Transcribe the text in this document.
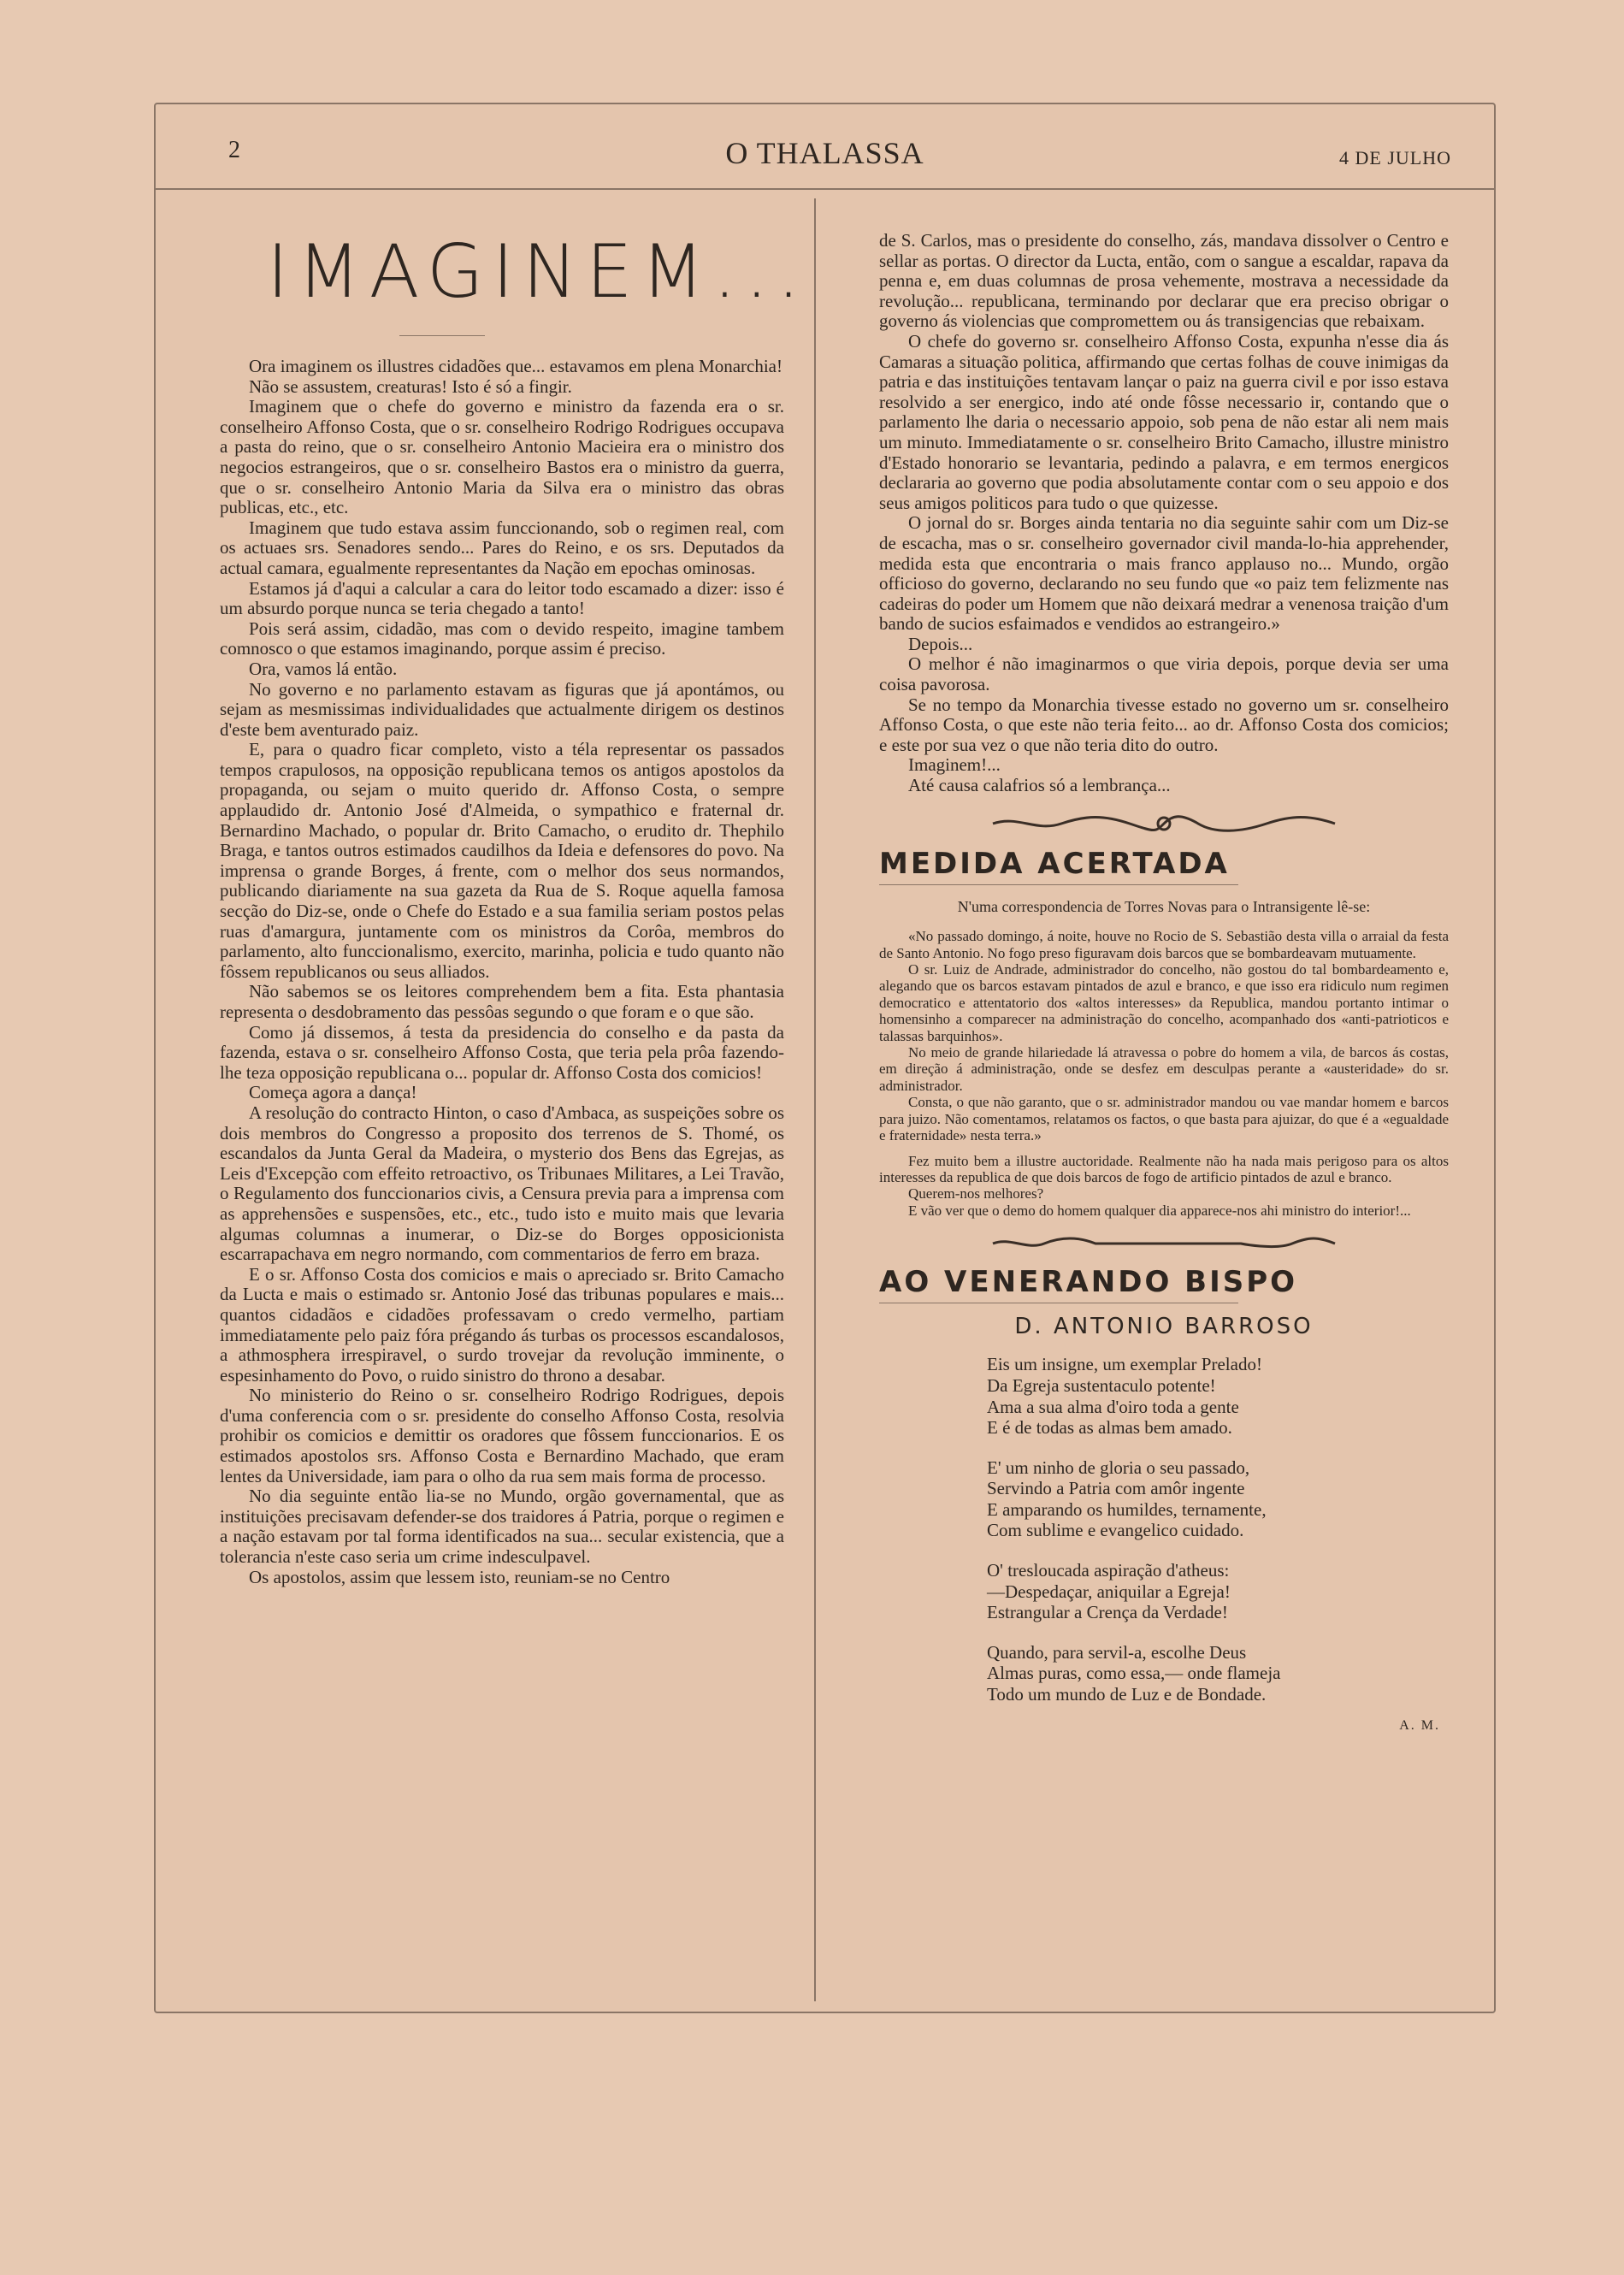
2	O THALASSA	4 DE JULHO
IMAGINEM...

Ora imaginem os illustres cidadões que... estavamos em plena Monarchia!

Não se assustem, creaturas! Isto é só a fingir.

Imaginem que o chefe do governo e ministro da fazenda era o sr. conselheiro Affonso Costa, que o sr. conselheiro Rodrigo Rodrigues occupava a pasta do reino, que o sr. conselheiro Antonio Macieira era o ministro dos negocios estrangeiros, que o sr. conselheiro Bastos era o ministro da guerra, que o sr. conselheiro Antonio Maria da Silva era o ministro das obras publicas, etc., etc.

Imaginem que tudo estava assim funccionando, sob o regimen real, com os actuaes srs. Senadores sendo... Pares do Reino, e os srs. Deputados da actual camara, egualmente representantes da Nação em epochas ominosas.

Estamos já d'aqui a calcular a cara do leitor todo escamado a dizer: isso é um absurdo porque nunca se teria chegado a tanto!

Pois será assim, cidadão, mas com o devido respeito, imagine tambem comnosco o que estamos imaginando, porque assim é preciso.

Ora, vamos lá então.

No governo e no parlamento estavam as figuras que já apontámos, ou sejam as mesmissimas individualidades que actualmente dirigem os destinos d'este bem aventurado paiz.

E, para o quadro ficar completo, visto a téla representar os passados tempos crapulosos, na opposição republicana temos os antigos apostolos da propaganda, ou sejam o muito querido dr. Affonso Costa, o sempre applaudido dr. Antonio José d'Almeida, o sympathico e fraternal dr. Bernardino Machado, o popular dr. Brito Camacho, o erudito dr. Thephilo Braga, e tantos outros estimados caudilhos da Ideia e defensores do povo. Na imprensa o grande Borges, á frente, com o melhor dos seus normandos, publicando diariamente na sua gazeta da Rua de S. Roque aquella famosa secção do Diz-se, onde o Chefe do Estado e a sua familia seriam postos pelas ruas d'amargura, juntamente com os ministros da Corôa, membros do parlamento, alto funccionalismo, exercito, marinha, policia e tudo quanto não fôssem republicanos ou seus alliados.

Não sabemos se os leitores comprehendem bem a fita. Esta phantasia representa o desdobramento das pessôas segundo o que foram e o que são.

Como já dissemos, á testa da presidencia do conselho e da pasta da fazenda, estava o sr. conselheiro Affonso Costa, que teria pela prôa fazendo-lhe teza opposição republicana o... popular dr. Affonso Costa dos comicios!

Começa agora a dança!

A resolução do contracto Hinton, o caso d'Ambaca, as suspeições sobre os dois membros do Congresso a proposito dos terrenos de S. Thomé, os escandalos da Junta Geral da Madeira, o mysterio dos Bens das Egrejas, as Leis d'Excepção com effeito retroactivo, os Tribunaes Militares, a Lei Travão, o Regulamento dos funccionarios civis, a Censura previa para a imprensa com as apprehensões e suspensões, etc., etc., tudo isto e muito mais que levaria algumas columnas a inumerar, o Diz-se do Borges opposicionista escarrapachava em negro normando, com commentarios de ferro em braza.

E o sr. Affonso Costa dos comicios e mais o apreciado sr. Brito Camacho da Lucta e mais o estimado sr. Antonio José das tribunas populares e mais... quantos cidadãos e cidadões professavam o credo vermelho, partiam immediatamente pelo paiz fóra prégando ás turbas os processos escandalosos, a athmosphera irrespiravel, o surdo trovejar da revolução imminente, o espesinhamento do Povo, o ruido sinistro do throno a desabar.

No ministerio do Reino o sr. conselheiro Rodrigo Rodrigues, depois d'uma conferencia com o sr. presidente do conselho Affonso Costa, resolvia prohibir os comicios e demittir os oradores que fôssem funccionarios. E os estimados apostolos srs. Affonso Costa e Bernardino Machado, que eram lentes da Universidade, iam para o olho da rua sem mais forma de processo.

No dia seguinte então lia-se no Mundo, orgão governamental, que as instituições precisavam defender-se dos traidores á Patria, porque o regimen e a nação estavam por tal forma identificados na sua... secular existencia, que a tolerancia n'este caso seria um crime indesculpavel.

Os apostolos, assim que lessem isto, reuniam-se no Centro

de S. Carlos, mas o presidente do conselho, zás, mandava dissolver o Centro e sellar as portas. O director da Lucta, então, com o sangue a escaldar, rapava da penna e, em duas columnas de prosa vehemente, mostrava a necessidade da revolução... republicana, terminando por declarar que era preciso obrigar o governo ás violencias que compromettem ou ás transigencias que rebaixam.

O chefe do governo sr. conselheiro Affonso Costa, expunha n'esse dia ás Camaras a situação politica, affirmando que certas folhas de couve inimigas da patria e das instituições tentavam lançar o paiz na guerra civil e por isso estava resolvido a ser energico, indo até onde fôsse necessario ir, contando que o parlamento lhe daria o necessario appoio, sob pena de não estar ali nem mais um minuto. Immediatamente o sr. conselheiro Brito Camacho, illustre ministro d'Estado honorario se levantaria, pedindo a palavra, e em termos energicos declararia ao governo que podia absolutamente contar com o seu appoio e dos seus amigos politicos para tudo o que quizesse.

O jornal do sr. Borges ainda tentaria no dia seguinte sahir com um Diz-se de escacha, mas o sr. conselheiro governador civil manda-lo-hia apprehender, medida esta que encontraria o mais franco applauso no... Mundo, orgão officioso do governo, declarando no seu fundo que «o paiz tem felizmente nas cadeiras do poder um Homem que não deixará medrar a venenosa traição d'um bando de sucios esfaimados e vendidos ao estrangeiro.»

Depois...

O melhor é não imaginarmos o que viria depois, porque devia ser uma coisa pavorosa.

Se no tempo da Monarchia tivesse estado no governo um sr. conselheiro Affonso Costa, o que este não teria feito... ao dr. Affonso Costa dos comicios; e este por sua vez o que não teria dito do outro.

Imaginem!...

Até causa calafrios só a lembrança...

MEDIDA ACERTADA
N'uma correspondencia de Torres Novas para o Intransigente lê-se:

«No passado domingo, á noite, houve no Rocio de S. Sebastião desta villa o arraial da festa de Santo Antonio. No fogo preso figuravam dois barcos que se bombardeavam mutuamente.

O sr. Luiz de Andrade, administrador do concelho, não gostou do tal bombardeamento e, alegando que os barcos estavam pintados de azul e branco, e que isso era ridiculo num regimen democratico e attentatorio dos «altos interesses» da Republica, mandou portanto intimar o homensinho a comparecer na administração do concelho, acompanhado dos «anti-patrioticos e talassas barquinhos».

No meio de grande hilariedade lá atravessa o pobre do homem a vila, de barcos ás costas, em direção á administração, onde se desfez em desculpas perante a «austeridade» do sr. administrador.

Consta, o que não garanto, que o sr. administrador mandou ou vae mandar homem e barcos para juizo. Não comentamos, relatamos os factos, o que basta para ajuizar, do que é a «egualdade e fraternidade» nesta terra.»

Fez muito bem a illustre auctoridade. Realmente não ha nada mais perigoso para os altos interesses da republica de que dois barcos de fogo de artificio pintados de azul e branco.

Querem-nos melhores?

E vão ver que o demo do homem qualquer dia apparece-nos ahi ministro do interior!...

AO VENERANDO BISPO
D. ANTONIO BARROSO
Eis um insigne, um exemplar Prelado!
Da Egreja sustentaculo potente!
Ama a sua alma d'oiro toda a gente
E é de todas as almas bem amado.
E' um ninho de gloria o seu passado,
Servindo a Patria com amôr ingente
E amparando os humildes, ternamente,
Com sublime e evangelico cuidado.
O' tresloucada aspiração d'atheus:
—Despedaçar, aniquilar a Egreja!
Estrangular a Crença da Verdade!
Quando, para servil-a, escolhe Deus
Almas puras, como essa,— onde flameja
Todo um mundo de Luz e de Bondade.
A. M.
